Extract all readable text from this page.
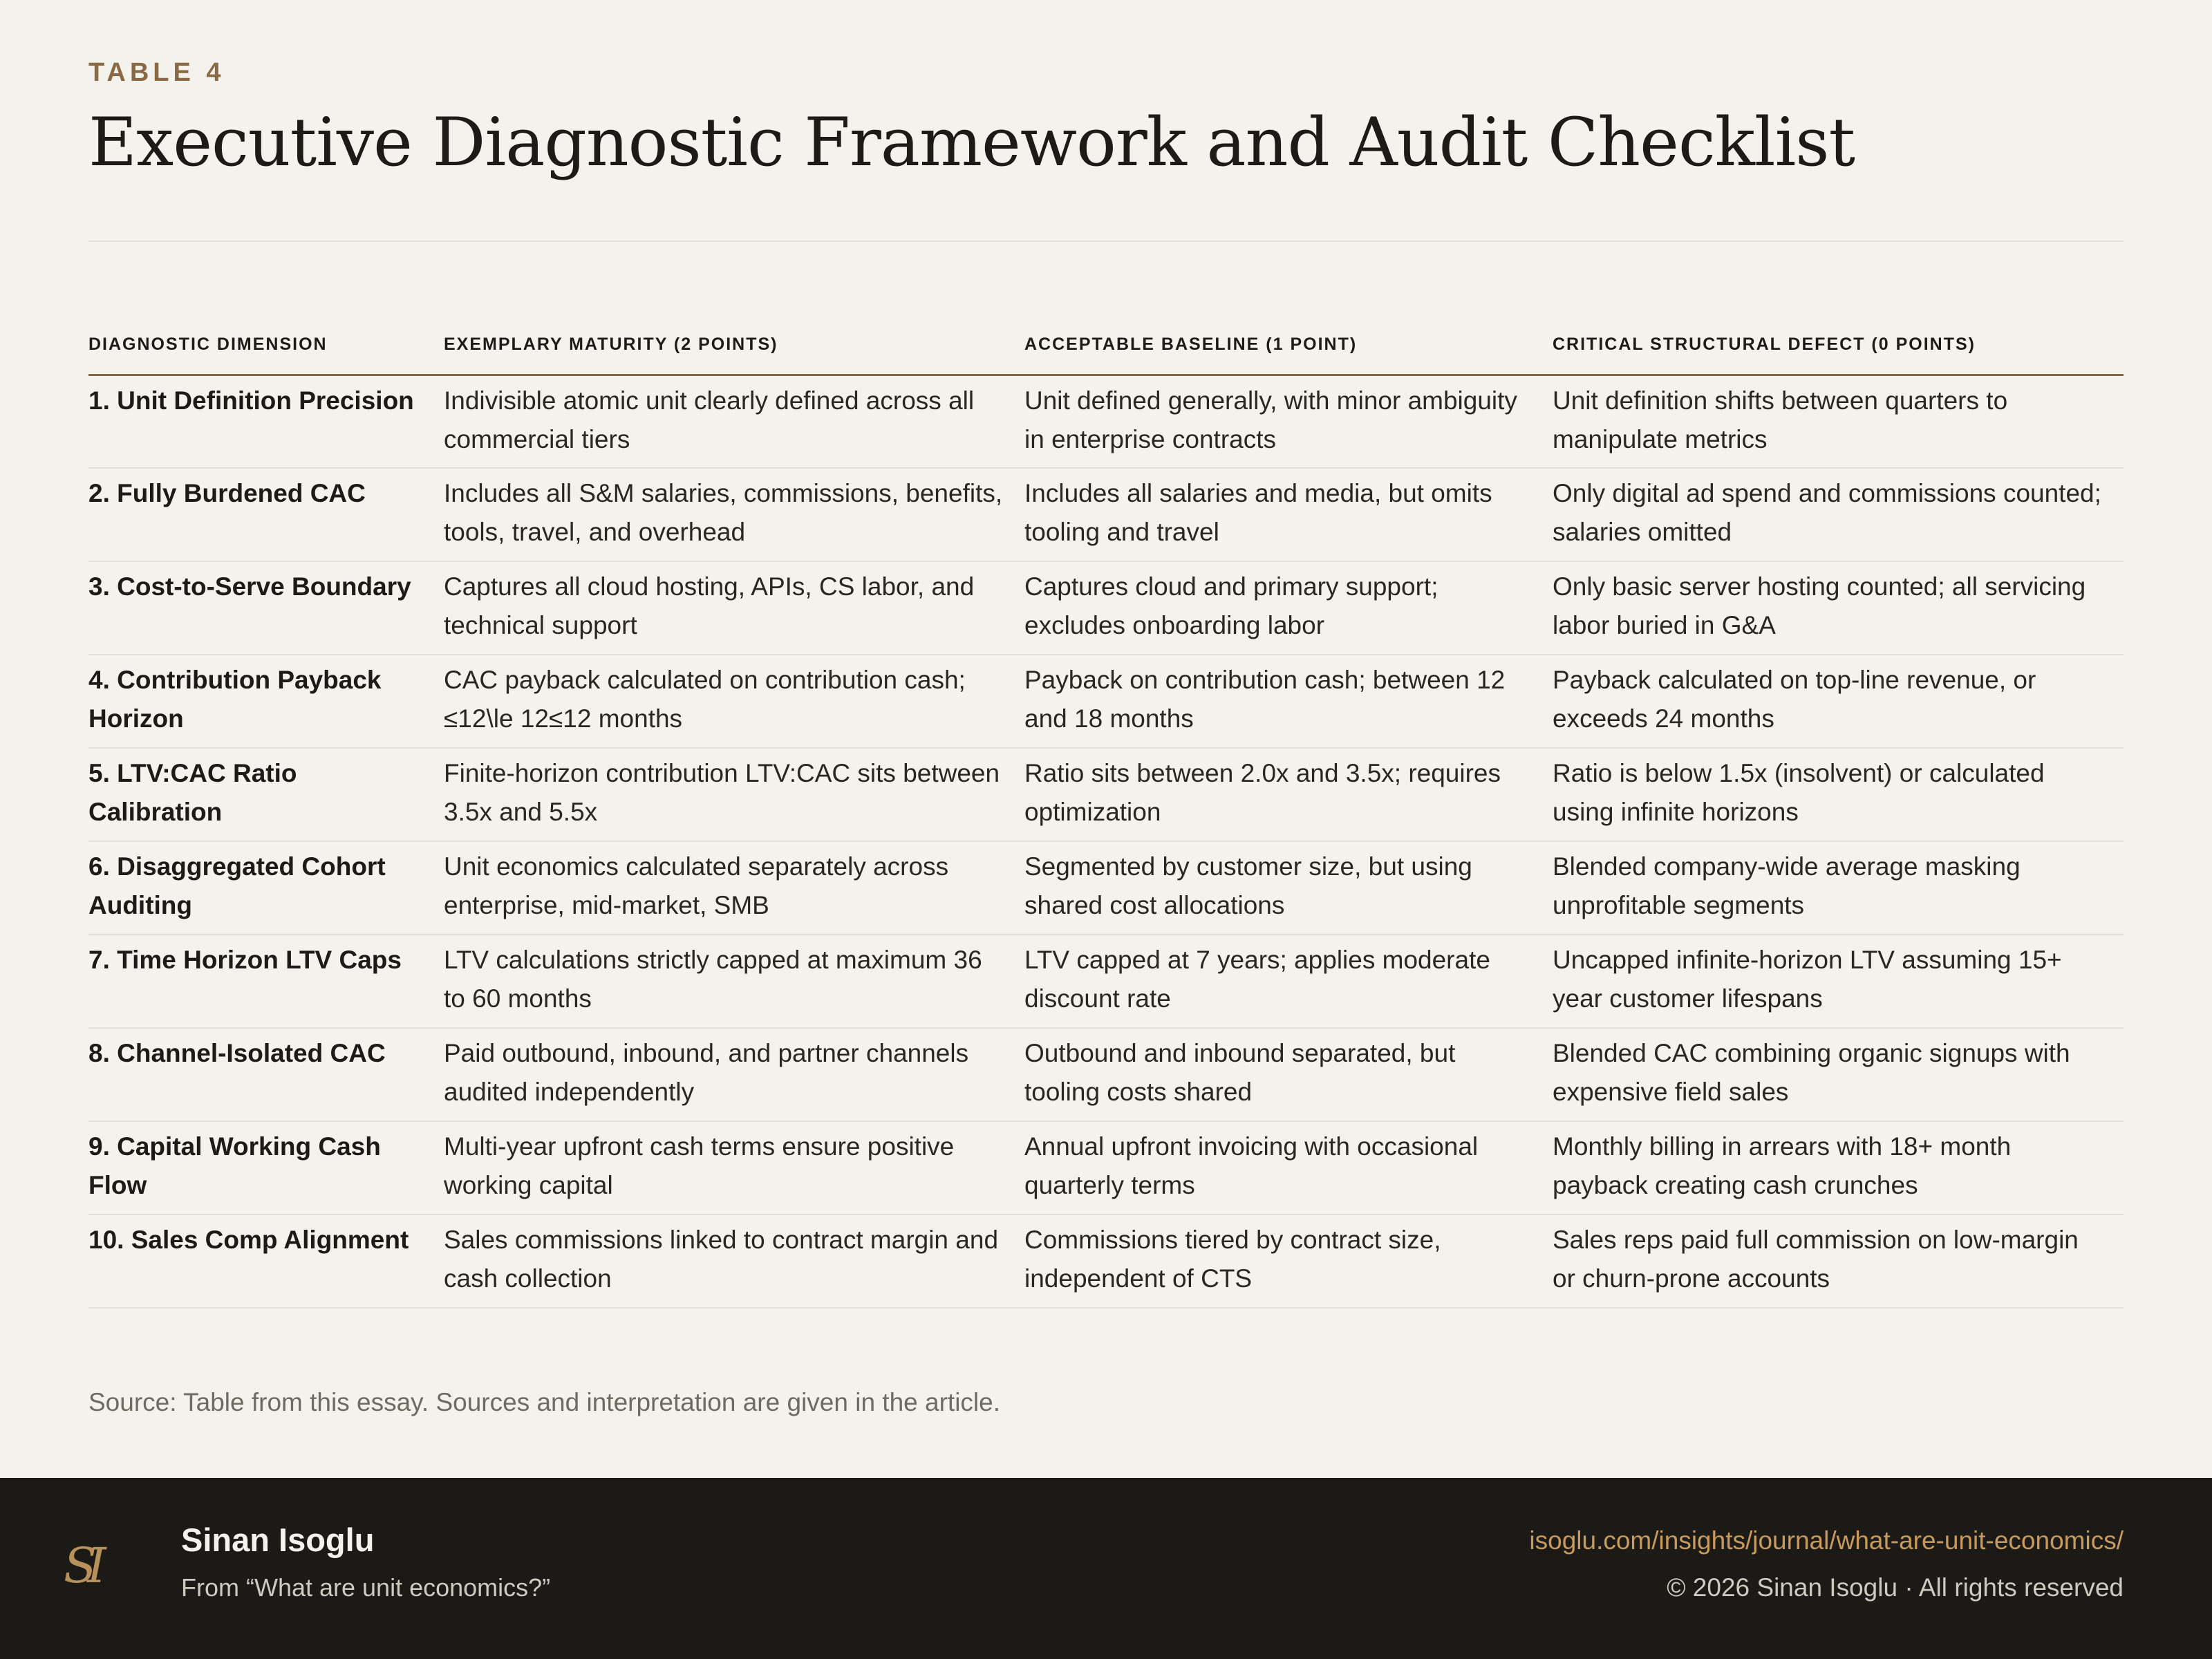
TABLE 4
Executive Diagnostic Framework and Audit Checklist
DIAGNOSTIC DIMENSION	EXEMPLARY MATURITY (2 POINTS)	ACCEPTABLE BASELINE (1 POINT)	CRITICAL STRUCTURAL DEFECT (0 POINTS)
1. Unit Definition Precision	Indivisible atomic unit clearly defined across all commercial tiers	Unit defined generally, with minor ambiguity in enterprise contracts	Unit definition shifts between quarters to manipulate metrics
2. Fully Burdened CAC	Includes all S&M salaries, commissions, benefits, tools, travel, and overhead	Includes all salaries and media, but omits tooling and travel	Only digital ad spend and commissions counted; salaries omitted
3. Cost-to-Serve Boundary	Captures all cloud hosting, APIs, CS labor, and technical support	Captures cloud and primary support; excludes onboarding labor	Only basic server hosting counted; all servicing labor buried in G&A
4. Contribution Payback Horizon	CAC payback calculated on contribution cash; ≤12\le 12≤12 months	Payback on contribution cash; between 12 and 18 months	Payback calculated on top-line revenue, or exceeds 24 months
5. LTV:CAC Ratio Calibration	Finite-horizon contribution LTV:CAC sits between 3.5x and 5.5x	Ratio sits between 2.0x and 3.5x; requires optimization	Ratio is below 1.5x (insolvent) or calculated using infinite horizons
6. Disaggregated Cohort Auditing	Unit economics calculated separately across enterprise, mid-market, SMB	Segmented by customer size, but using shared cost allocations	Blended company-wide average masking unprofitable segments
7. Time Horizon LTV Caps	LTV calculations strictly capped at maximum 36 to 60 months	LTV capped at 7 years; applies moderate discount rate	Uncapped infinite-horizon LTV assuming 15+ year customer lifespans
8. Channel-Isolated CAC	Paid outbound, inbound, and partner channels audited independently	Outbound and inbound separated, but tooling costs shared	Blended CAC combining organic signups with expensive field sales
9. Capital Working Cash Flow	Multi-year upfront cash terms ensure positive working capital	Annual upfront invoicing with occasional quarterly terms	Monthly billing in arrears with 18+ month payback creating cash crunches
10. Sales Comp Alignment	Sales commissions linked to contract margin and cash collection	Commissions tiered by contract size, independent of CTS	Sales reps paid full commission on low-margin or churn-prone accounts
Source: Table from this essay. Sources and interpretation are given in the article.
SI	Sinan Isoglu
From “What are unit economics?”
isoglu.com/insights/journal/what-are-unit-economics/
© 2026 Sinan Isoglu · All rights reserved
